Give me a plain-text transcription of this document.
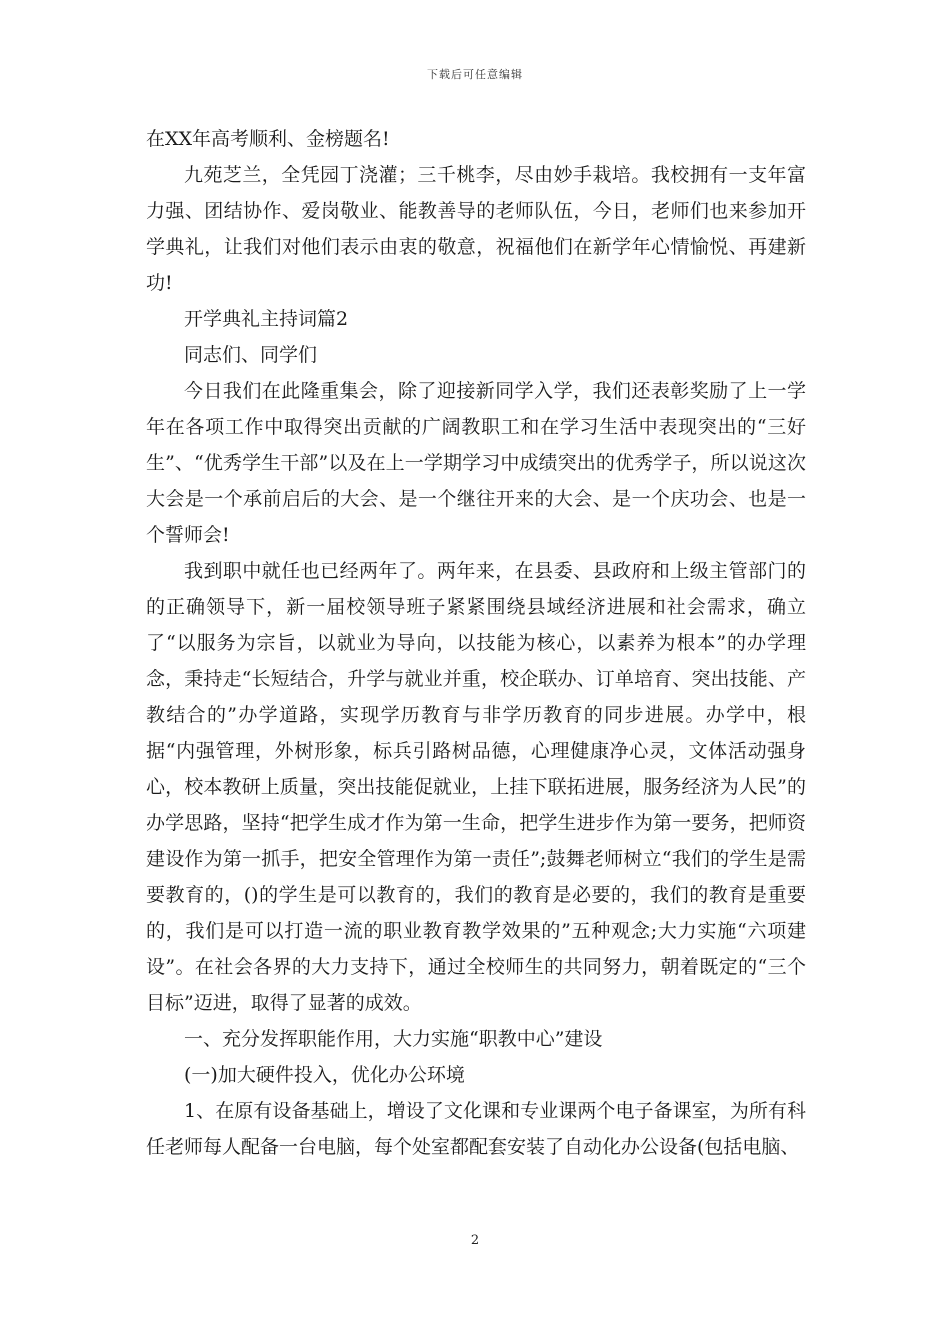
下载后可任意编辑

在XX年高考顺利、金榜题名!

九苑芝兰，全凭园丁浇灌；三千桃李，尽由妙手栽培。我校拥有一支年富力强、团结协作、爱岗敬业、能教善导的老师队伍，今日，老师们也来参加开学典礼，让我们对他们表示由衷的敬意，祝福他们在新学年心情愉悦、再建新功!

开学典礼主持词篇2

同志们、同学们

今日我们在此隆重集会，除了迎接新同学入学，我们还表彰奖励了上一学年在各项工作中取得突出贡献的广阔教职工和在学习生活中表现突出的“三好生”、“优秀学生干部”以及在上一学期学习中成绩突出的优秀学子，所以说这次大会是一个承前启后的大会、是一个继往开来的大会、是一个庆功会、也是一个誓师会!

我到职中就任也已经两年了。两年来，在县委、县政府和上级主管部门的的正确领导下，新一届校领导班子紧紧围绕县域经济进展和社会需求，确立了“以服务为宗旨，以就业为导向，以技能为核心，以素养为根本”的办学理念，秉持走“长短结合，升学与就业并重，校企联办、订单培育、突出技能、产教结合的”办学道路，实现学历教育与非学历教育的同步进展。办学中，根据“内强管理，外树形象，标兵引路树品德，心理健康净心灵，文体活动强身心，校本教研上质量，突出技能促就业，上挂下联拓进展，服务经济为人民”的办学思路，坚持“把学生成才作为第一生命，把学生进步作为第一要务，把师资建设作为第一抓手，把安全管理作为第一责任”;鼓舞老师树立“我们的学生是需要教育的，()的学生是可以教育的，我们的教育是必要的，我们的教育是重要的，我们是可以打造一流的职业教育教学效果的”五种观念;大力实施“六项建设”。在社会各界的大力支持下，通过全校师生的共同努力，朝着既定的“三个目标”迈进，取得了显著的成效。

一、充分发挥职能作用，大力实施“职教中心”建设

(一)加大硬件投入，优化办公环境

1、在原有设备基础上，增设了文化课和专业课两个电子备课室，为所有科任老师每人配备一台电脑，每个处室都配套安装了自动化办公设备(包括电脑、

2
